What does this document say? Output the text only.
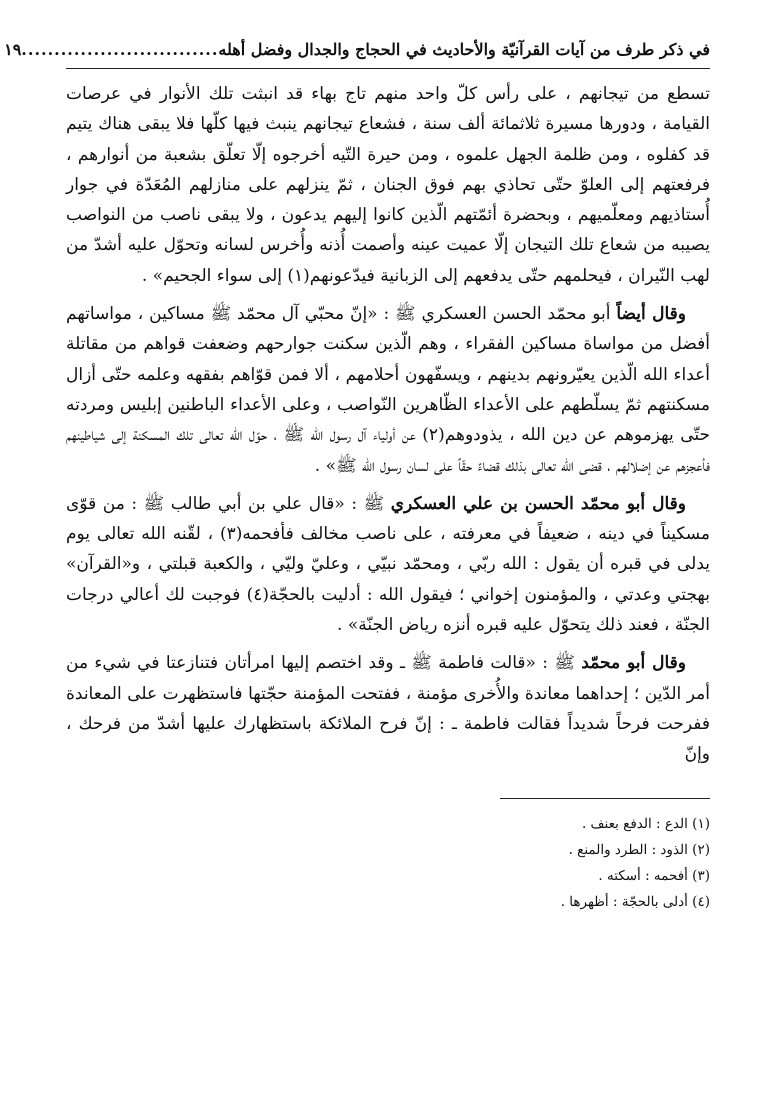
في ذكر طرف من آيات القرآنيّة والأحاديث في الحجاج والجدال وفضل أهله
..............................
١٩

تسطع من تيجانهم ، على رأس كلّ واحد منهم تاج بهاء قد انبثت تلك الأنوار في عرصات القيامة ، ودورها مسيرة ثلاثمائة ألف سنة ، فشعاع تيجانهم ينبث فيها كلّها فلا يبقى هناك يتيم قد كفلوه ، ومن ظلمة الجهل علموه ، ومن حيرة التّيه أخرجوه إلّا تعلّق بشعبة من أنوارهم ، فرفعتهم إلى العلوّ حتّى تحاذي بهم فوق الجنان ، ثمّ ينزلهم على منازلهم المُعَدّة في جوار أُستاذيهم ومعلّميهم ، وبحضرة أئمّتهم الّذين كانوا إليهم يدعون ، ولا يبقى ناصب من النواصب يصيبه من شعاع تلك التيجان إلّا عميت عينه وأصمت أُذنه وأُخرس لسانه وتحوّل عليه أشدّ من لهب النّيران ، فيحلمهم حتّى يدفعهم إلى الزبانية فيدّعونهم(١) إلى سواء الجحيم» .

وقال أيضاً أبو محمّد الحسن العسكري ﷺ : «إنّ محبّي آل محمّد ﷺ مساكين ، مواساتهم أفضل من مواساة مساكين الفقراء ، وهم الّذين سكنت جوارحهم وضعفت قواهم من مقاتلة أعداء الله الّذين يعيّرونهم بدينهم ، ويسفّهون أحلامهم ، ألا فمن قوّاهم بفقهه وعلمه حتّى أزال مسكنتهم ثمّ يسلّطهم على الأعداء الظّاهرين النّواصب ، وعلى الأعداء الباطنين إبليس ومردته حتّى يهزموهم عن دين الله ، يذودوهم(٢) عن أولياء آل رسول الله ﷺ ، حوّل الله تعالى تلك المسكنة إلى شياطينهم فأعجزهم عن إضلالهم ، قضى الله تعالى بذلك قضاءً حقّاً على لسان رسول الله ﷺ» .

وقال أبو محمّد الحسن بن علي العسكري ﷺ : «قال علي بن أبي طالب ﷺ : من قوّى مسكيناً في دينه ، ضعيفاً في معرفته ، على ناصب مخالف فأفحمه(٣) ، لقّنه الله تعالى يوم يدلى في قبره أن يقول : الله ربّي ، ومحمّد نبيّي ، وعليّ وليّي ، والكعبة قبلتي ، و«القرآن» بهجتي وعدتي ، والمؤمنون إخواني ؛ فيقول الله : أدليت بالحجّة(٤) فوجبت لك أعالي درجات الجنّة ، فعند ذلك يتحوّل عليه قبره أنزه رياض الجنّة» .

وقال أبو محمّد ﷺ : «قالت فاطمة ﷺ ـ وقد اختصم إليها امرأتان فتنازعتا في شيء من أمر الدّين ؛ إحداهما معاندة والأُخرى مؤمنة ، ففتحت المؤمنة حجّتها فاستظهرت على المعاندة ففرحت فرحاً شديداً فقالت فاطمة ـ : إنّ فرح الملائكة باستظهارك عليها أشدّ من فرحك ، وإنّ

(١) الدع : الدفع بعنف .
(٢) الذود : الطرد والمنع .
(٣) أفحمه : أسكته .
(٤) أدلى بالحجّة : أظهرها .
